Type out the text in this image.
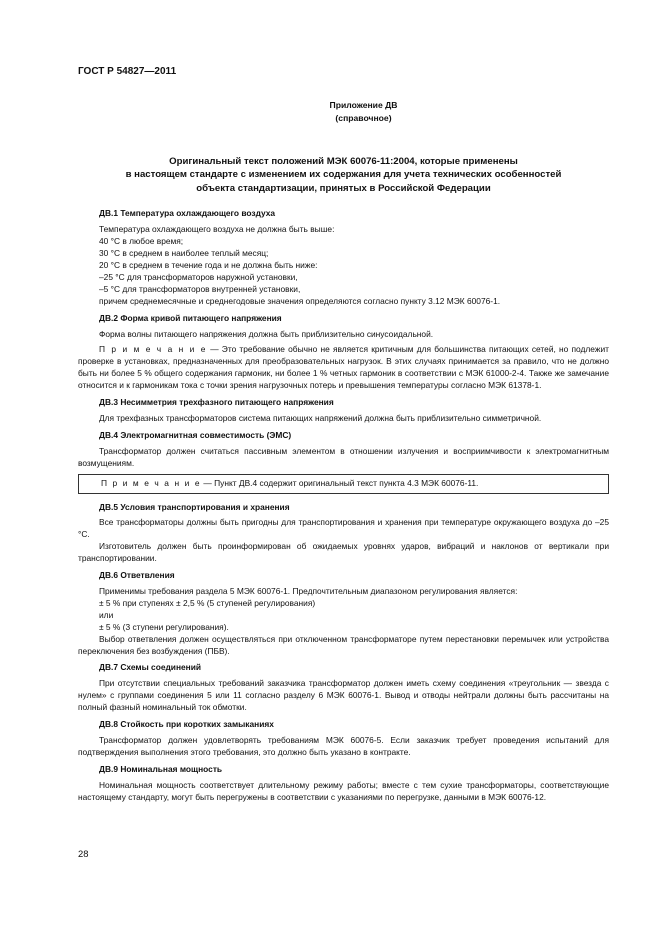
ГОСТ Р 54827—2011
Приложение ДВ
(справочное)
Оригинальный текст положений МЭК 60076-11:2004, которые применены
в настоящем стандарте с изменением их содержания для учета технических особенностей
объекта стандартизации, принятых в Российской Федерации
ДВ.1 Температура охлаждающего воздуха
Температура охлаждающего воздуха не должна быть выше:
40 °С в любое время;
30 °С в среднем в наиболее теплый месяц;
20 °С в среднем в течение года и не должна быть ниже:
–25 °С для трансформаторов наружной установки,
–5 °С для трансформаторов внутренней установки,
причем среднемесячные и среднегодовые значения определяются согласно пункту 3.12 МЭК 60076-1.
ДВ.2 Форма кривой питающего напряжения

Форма волны питающего напряжения должна быть приблизительно синусоидальной.

П р и м е ч а н и е — Это требование обычно не является критичным для большинства питающих сетей, но подлежит проверке в установках, предназначенных для преобразовательных нагрузок. В этих случаях принимается за правило, что не должно быть ни более 5 % общего содержания гармоник, ни более 1 % четных гармоник в соответствии с МЭК 61000-2-4. Также же замечание относится и к гармоникам тока с точки зрения нагрузочных потерь и превышения температуры согласно МЭК 61378-1.

ДВ.3 Несимметрия трехфазного питающего напряжения

Для трехфазных трансформаторов система питающих напряжений должна быть приблизительно симметричной.

ДВ.4 Электромагнитная совместимость (ЭМС)

Трансформатор должен считаться пассивным элементом в отношении излучения и восприимчивости к электромагнитным возмущениям.

П р и м е ч а н и е — Пункт ДВ.4 содержит оригинальный текст пункта 4.3 МЭК 60076-11.
ДВ.5 Условия транспортирования и хранения

Все трансформаторы должны быть пригодны для транспортирования и хранения при температуре окружающего воздуха до –25 °С.

Изготовитель должен быть проинформирован об ожидаемых уровнях ударов, вибраций и наклонов от вертикали при транспортировании.

ДВ.6 Ответвления
Применимы требования раздела 5 МЭК 60076-1. Предпочтительным диапазоном регулирования является:
± 5 % при ступенях ± 2,5 % (5 ступеней регулирования)
или
± 5 % (3 ступени регулирования).

Выбор ответвления должен осуществляться при отключенном трансформаторе путем перестановки перемычек или устройства переключения без возбуждения (ПБВ).

ДВ.7 Схемы соединений

При отсутствии специальных требований заказчика трансформатор должен иметь схему соединения «треугольник — звезда с нулем» с группами соединения 5 или 11 согласно разделу 6 МЭК 60076-1. Вывод и отводы нейтрали должны быть рассчитаны на полный фазный номинальный ток обмотки.

ДВ.8 Стойкость при коротких замыканиях

Трансформатор должен удовлетворять требованиям МЭК 60076-5. Если заказчик требует проведения испытаний для подтверждения выполнения этого требования, это должно быть указано в контракте.

ДВ.9 Номинальная мощность

Номинальная мощность соответствует длительному режиму работы; вместе с тем сухие трансформаторы, соответствующие настоящему стандарту, могут быть перегружены в соответствии с указаниями по перегрузке, данными в МЭК 60076-12.

28
